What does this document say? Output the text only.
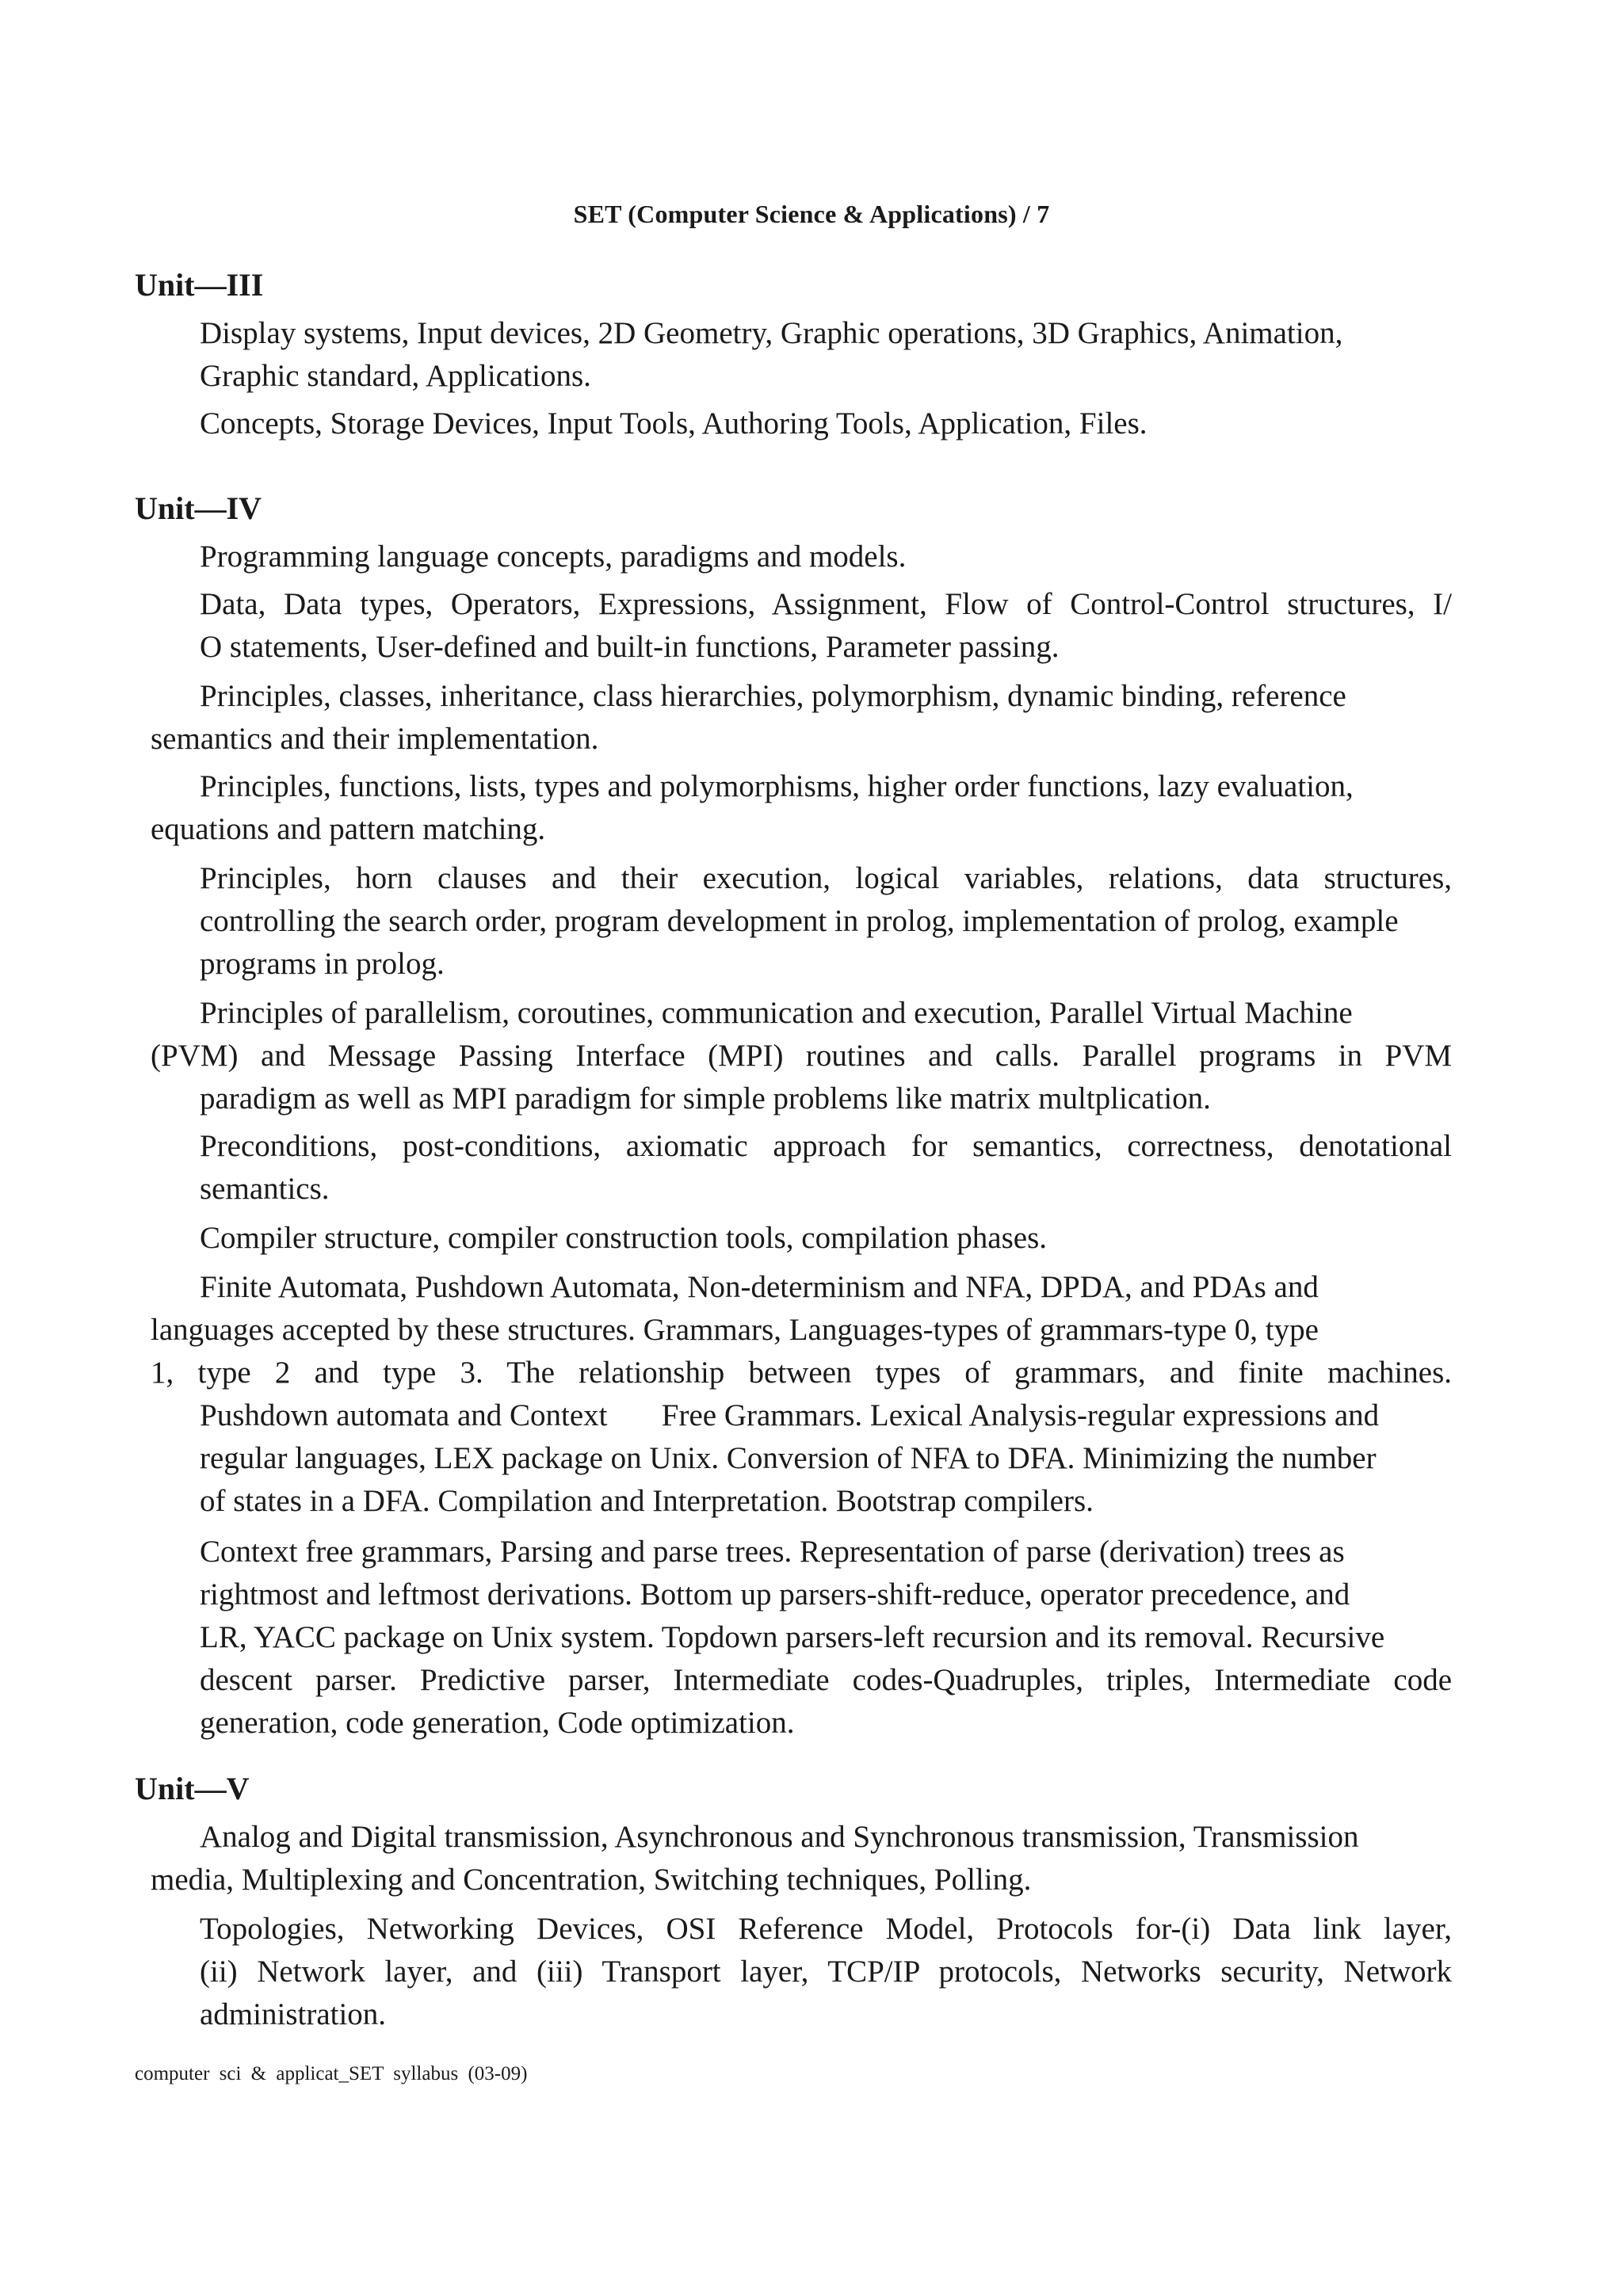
SET (Computer Science & Applications) / 7
Unit—III
Display systems, Input devices, 2D Geometry, Graphic operations, 3D Graphics, Animation,
Graphic standard, Applications.
Concepts, Storage Devices, Input Tools, Authoring Tools, Application, Files.
Unit—IV
Programming language concepts, paradigms and models.
Data, Data types, Operators, Expressions, Assignment, Flow of Control-Control structures, I/
O statements, User-defined and built-in functions, Parameter passing.
Principles, classes, inheritance, class hierarchies, polymorphism, dynamic binding, reference
semantics and their implementation.
Principles, functions, lists, types and polymorphisms, higher order functions, lazy evaluation,
equations and pattern matching.
Principles, horn clauses and their execution, logical variables, relations, data structures,
controlling the search order, program development in prolog, implementation of prolog, example
programs in prolog.
Principles of parallelism, coroutines, communication and execution, Parallel Virtual Machine
(PVM) and Message Passing Interface (MPI) routines and calls. Parallel programs in PVM
paradigm as well as MPI paradigm for simple problems like matrix multplication.
Preconditions, post-conditions, axiomatic approach for semantics, correctness, denotational
semantics.
Compiler structure, compiler construction tools, compilation phases.
Finite Automata, Pushdown Automata, Non-determinism and NFA, DPDA, and PDAs and
languages accepted by these structures. Grammars, Languages-types of grammars-type 0, type
1, type 2 and type 3. The relationship between types of grammars, and finite machines.
Pushdown automata and Context       Free Grammars. Lexical Analysis-regular expressions and
regular languages, LEX package on Unix. Conversion of NFA to DFA. Minimizing the number
of states in a DFA. Compilation and Interpretation. Bootstrap compilers.
Context free grammars, Parsing and parse trees. Representation of parse (derivation) trees as
rightmost and leftmost derivations. Bottom up parsers-shift-reduce, operator precedence, and
LR, YACC package on Unix system. Topdown parsers-left recursion and its removal. Recursive
descent parser. Predictive parser, Intermediate codes-Quadruples, triples, Intermediate code
generation, code generation, Code optimization.
Unit—V
Analog and Digital transmission, Asynchronous and Synchronous transmission, Transmission
media, Multiplexing and Concentration, Switching techniques, Polling.
Topologies, Networking Devices, OSI Reference Model, Protocols for-(i) Data link layer,
(ii) Network layer, and (iii) Transport layer, TCP/IP protocols, Networks security, Network
administration.
computer sci & applicat_SET syllabus (03-09)
